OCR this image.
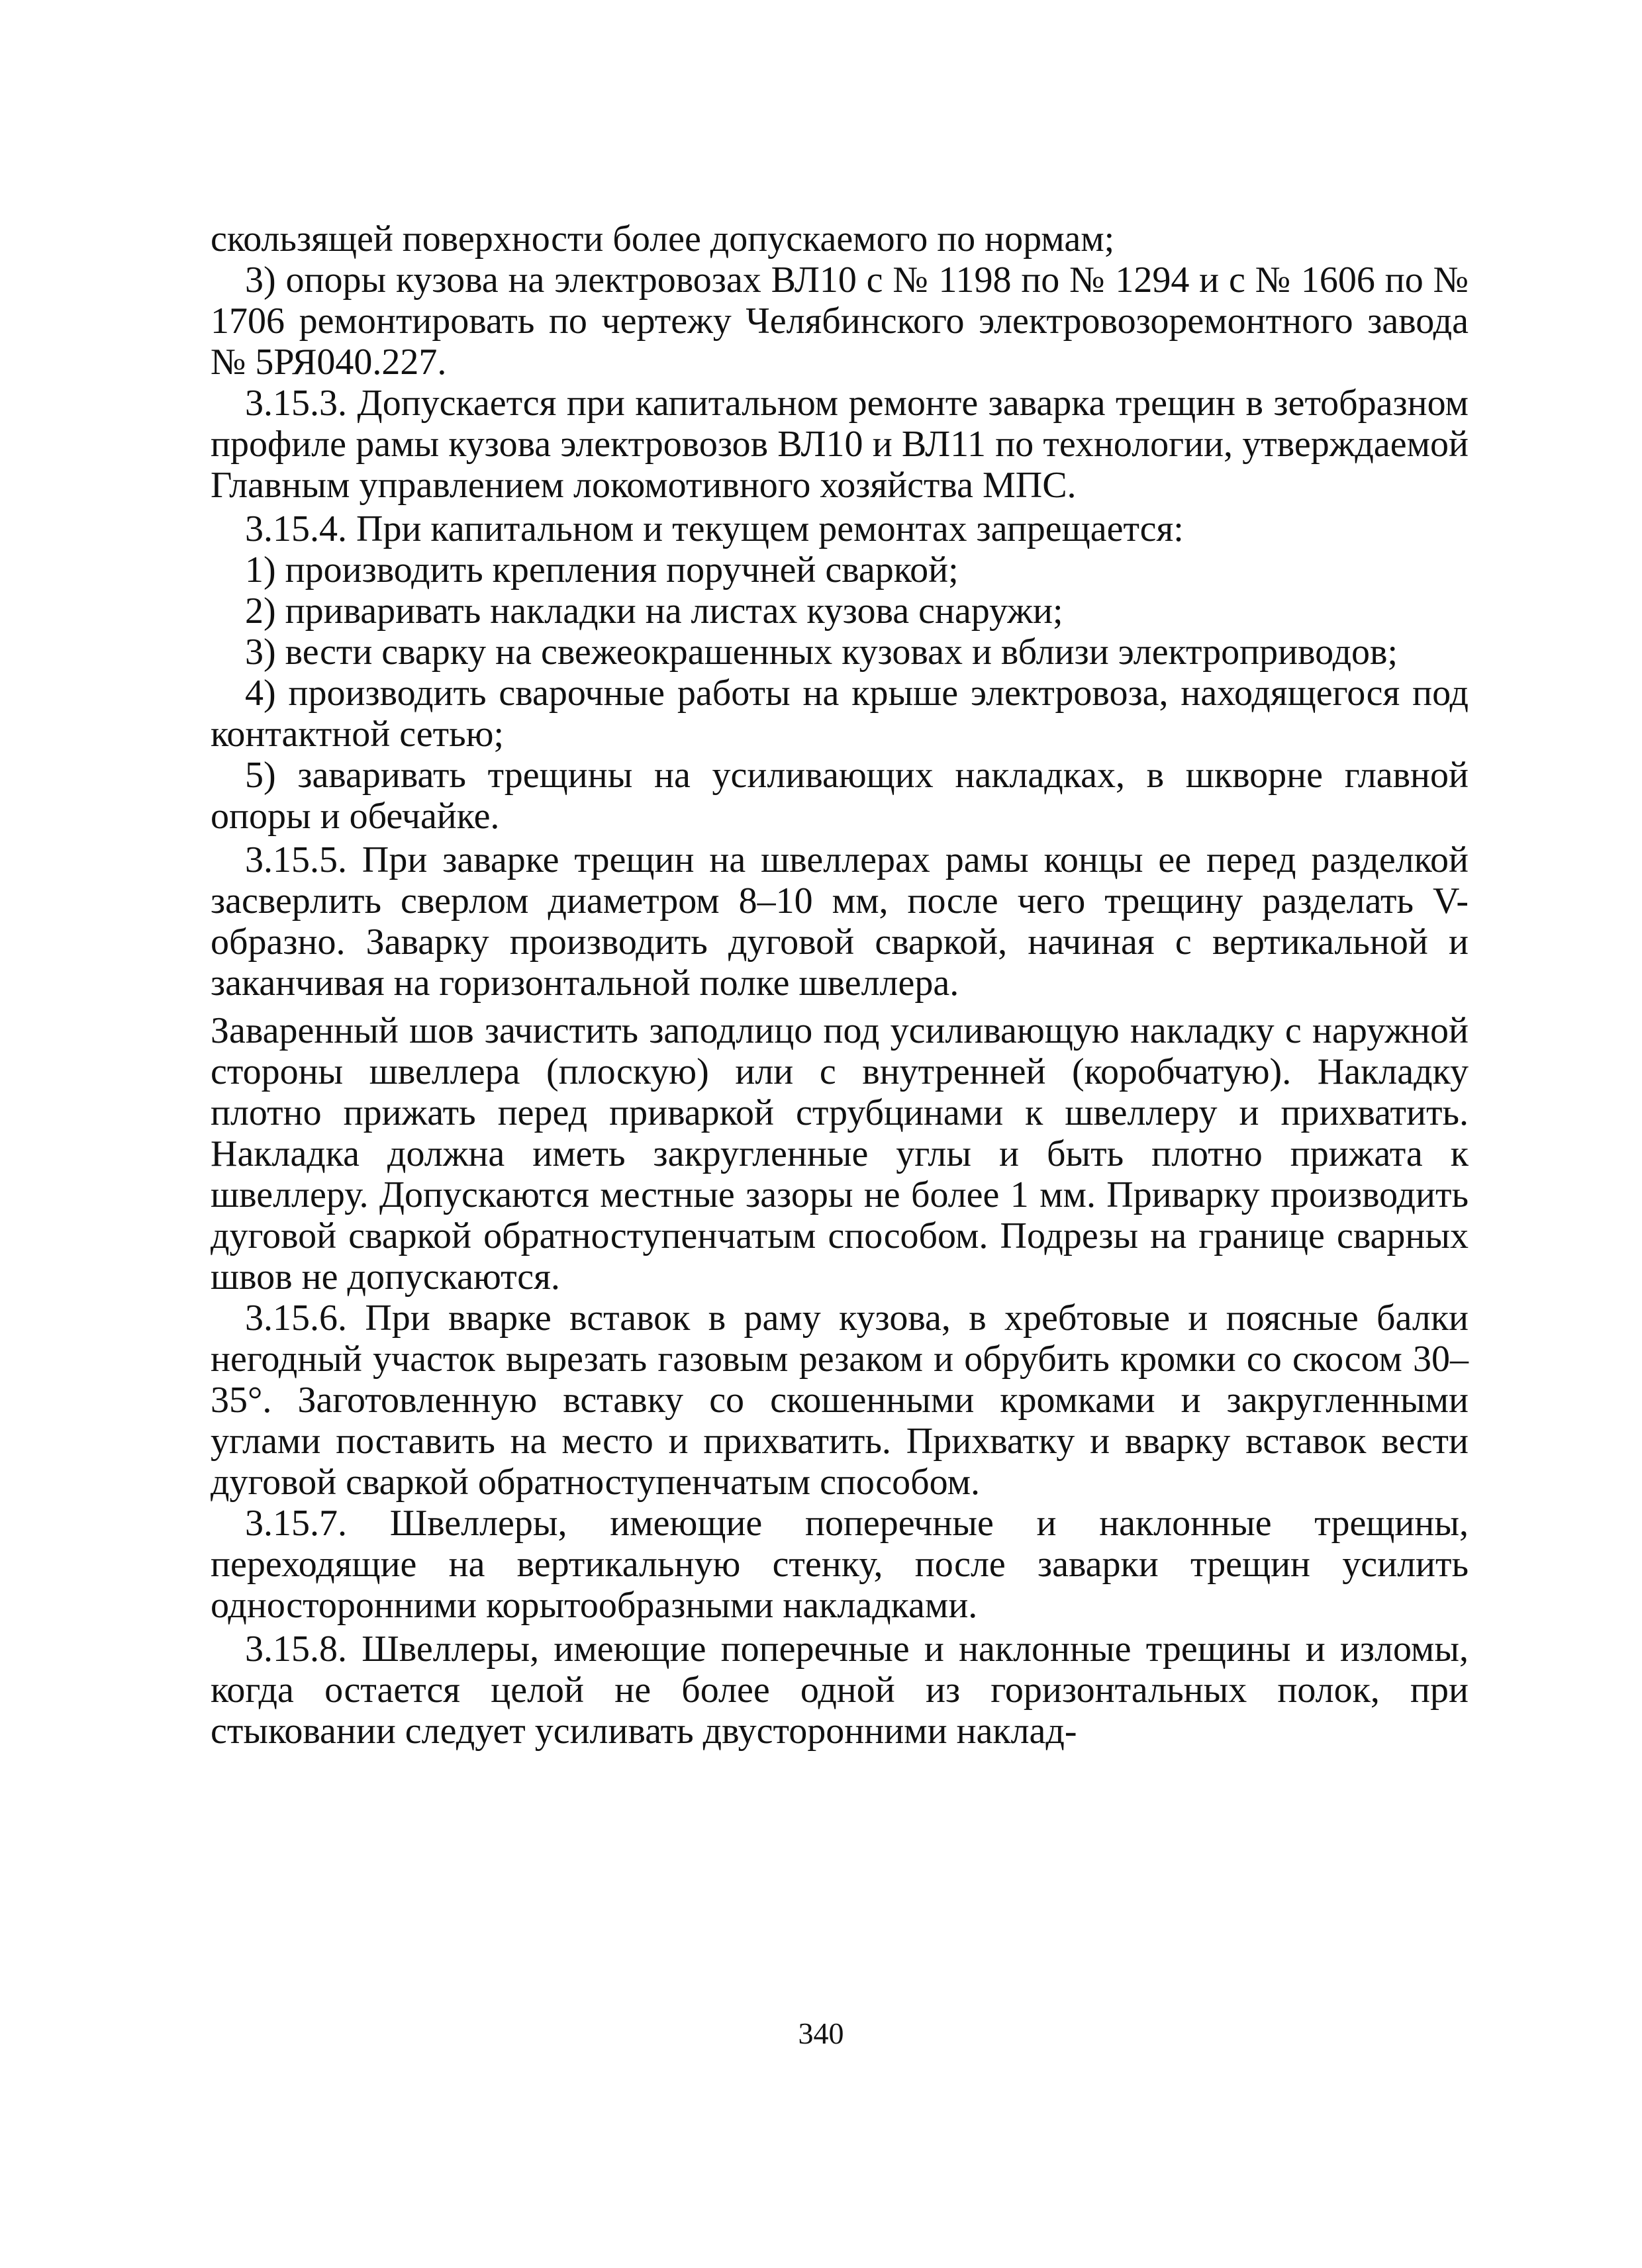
скользящей поверхности более допускаемого по нормам;

3) опоры кузова на электровозах ВЛ10 с № 1198 по № 1294 и с № 1606 по № 1706 ремонтировать по чертежу Челябинского электровозоремонтного завода № 5РЯ040.227.

3.15.3. Допускается при капитальном ремонте заварка трещин в зетобразном профиле рамы кузова электровозов ВЛ10 и ВЛ11 по технологии, утверждаемой Главным управлением локомотивного хозяйства МПС.

3.15.4. При капитальном и текущем ремонтах запрещается:

1) производить крепления поручней сваркой;

2) приваривать накладки на листах кузова снаружи;

3) вести сварку на свежеокрашенных кузовах и вблизи электроприводов;

4) производить сварочные работы на крыше электровоза, находящегося под контактной сетью;

5) заваривать трещины на усиливающих накладках, в шкворне главной опоры и обечайке.

3.15.5. При заварке трещин на швеллерах рамы концы ее перед разделкой засверлить сверлом диаметром 8–10 мм, после чего трещину разделать V-образно. Заварку производить дуговой сваркой, начиная с вертикальной и заканчивая на горизонтальной полке швеллера.

Заваренный шов зачистить заподлицо под усиливающую накладку с наружной стороны швеллера (плоскую) или с внутренней (коробчатую). Накладку плотно прижать перед приваркой струбцинами к швеллеру и прихватить. Накладка должна иметь закругленные углы и быть плотно прижата к швеллеру. Допускаются местные зазоры не более 1 мм. Приварку производить дуговой сваркой обратноступенчатым способом. Подрезы на границе сварных швов не допускаются.

3.15.6. При вварке вставок в раму кузова, в хребтовые и поясные балки негодный участок вырезать газовым резаком и обрубить кромки со скосом 30–35°. Заготовленную вставку со скошенными кромками и закругленными углами поставить на место и прихватить. Прихватку и вварку вставок вести дуговой сваркой обратноступенчатым способом.

3.15.7. Швеллеры, имеющие поперечные и наклонные трещины, переходящие на вертикальную стенку, после заварки трещин усилить односторонними корытообразными накладками.

3.15.8. Швеллеры, имеющие поперечные и наклонные трещины и изломы, когда остается целой не более одной из горизонтальных полок, при стыковании следует усиливать двусторонними наклад-

340
